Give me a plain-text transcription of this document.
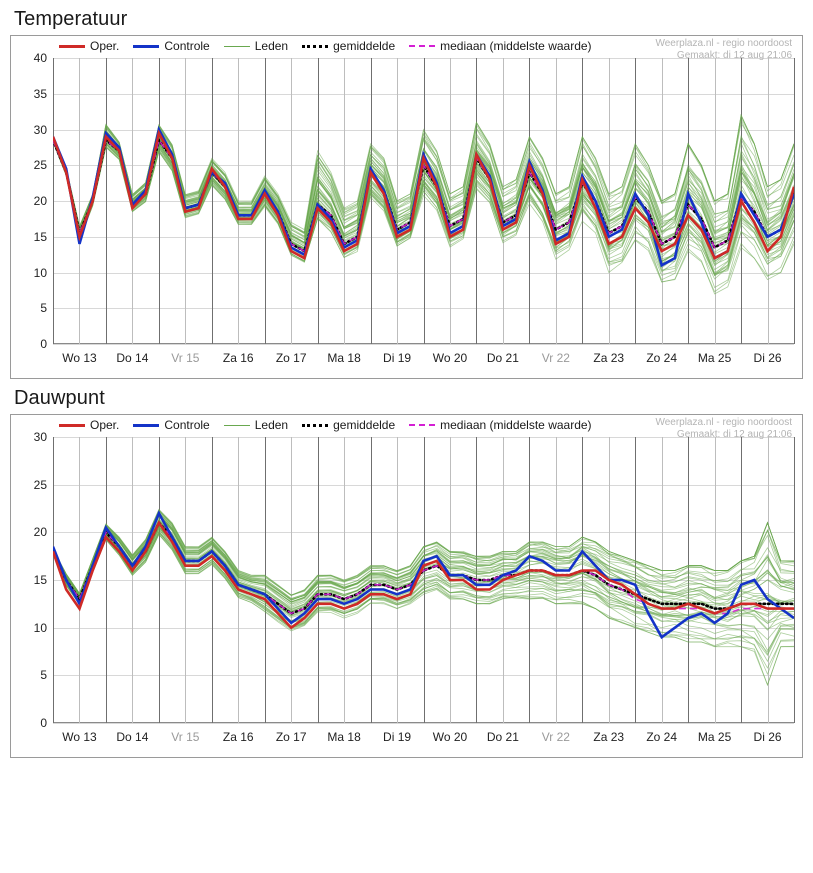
Temperatuur
Oper.	Controle	Leden	gemiddelde	mediaan (middelste waarde)	Weerplaza.nl - regio noordoost
Gemaakt: di 12 aug 21:06
0
5
10
15
20
25
30
35
40
Wo 13 Do 14 Vr 15 Za 16 Zo 17 Ma 18 Di 19 Wo 20 Do 21 Vr 22 Za 23 Zo 24 Ma 25 Di 26
Dauwpunt
Oper.	Controle	Leden	gemiddelde	mediaan (middelste waarde)	Weerplaza.nl - regio noordoost
Gemaakt: di 12 aug 21:06
0
5
10
15
20
25
30
Wo 13 Do 14 Vr 15 Za 16 Zo 17 Ma 18 Di 19 Wo 20 Do 21 Vr 22 Za 23 Zo 24 Ma 25 Di 26
